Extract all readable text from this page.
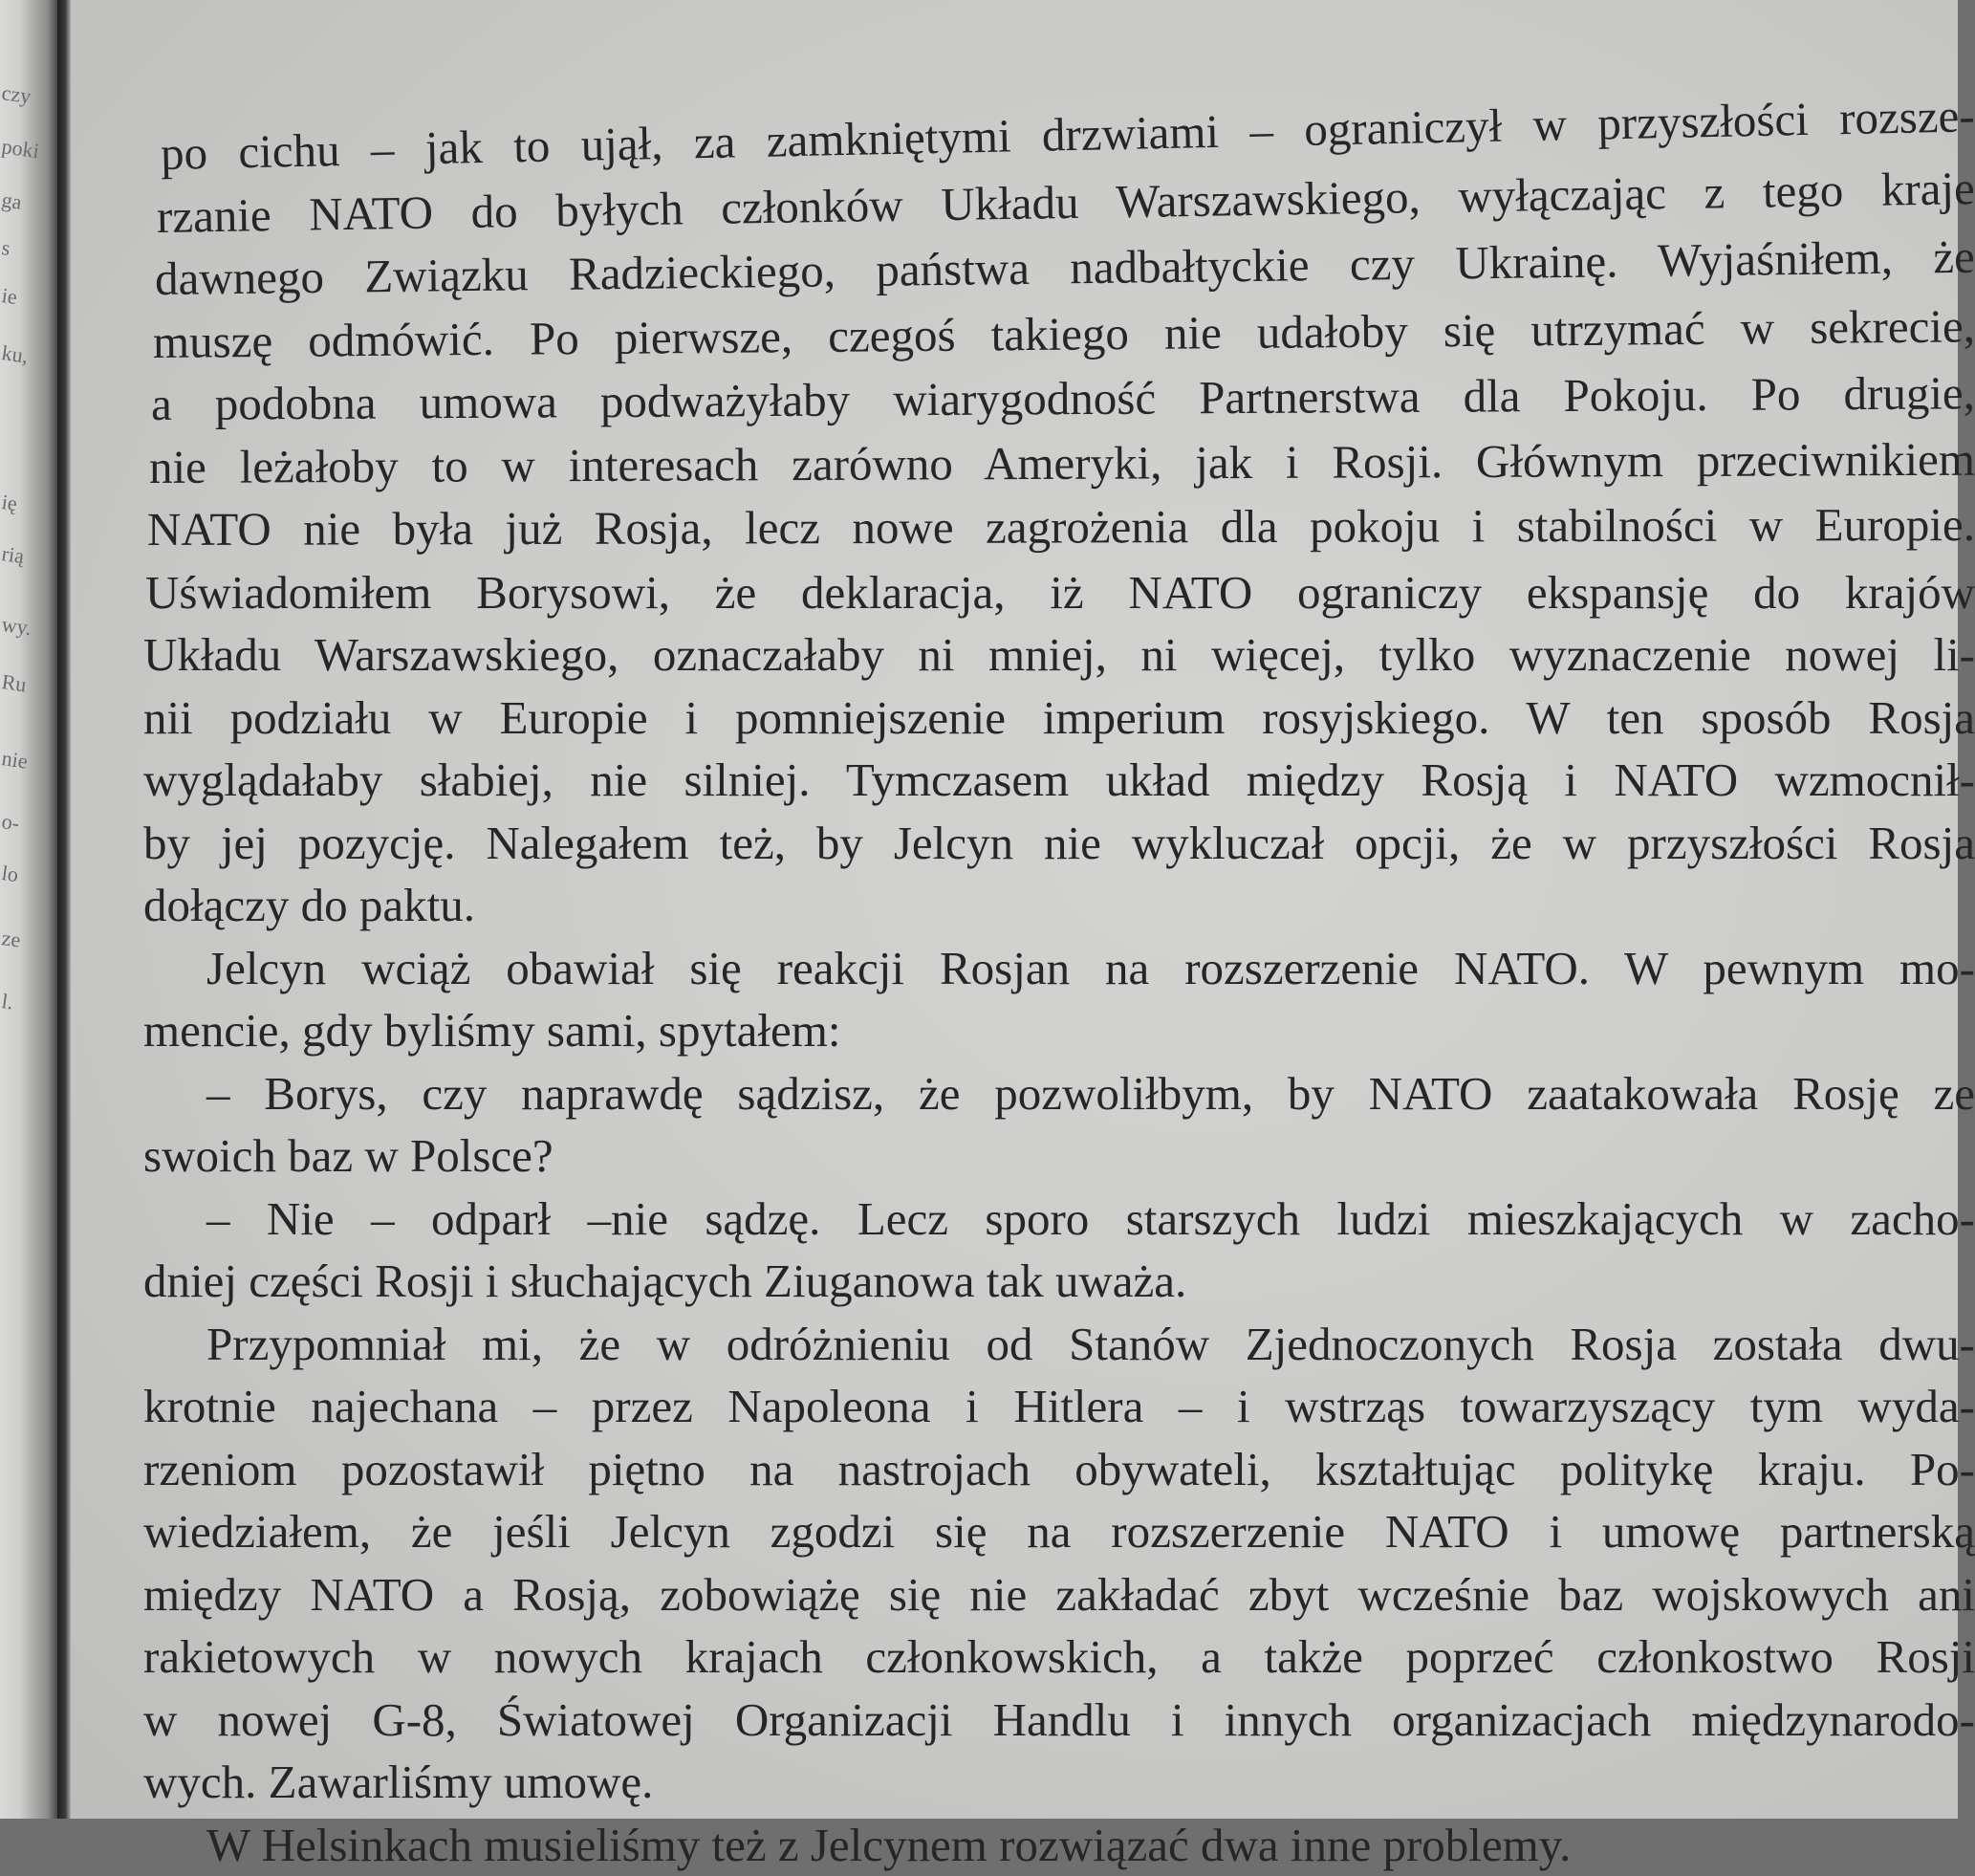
czy
poki
ga
s
ie
ku,
ię
rią
wy.
Ru
nie
o-
lo
ze
l.
po cichu – jak to ujął, za zamkniętymi drzwiami – ograniczył w przyszłości rozsze-
rzanie NATO do byłych członków Układu Warszawskiego, wyłączając z tego kraje
dawnego Związku Radzieckiego, państwa nadbałtyckie czy Ukrainę. Wyjaśniłem, że
muszę odmówić. Po pierwsze, czegoś takiego nie udałoby się utrzymać w sekrecie,
a podobna umowa podważyłaby wiarygodność Partnerstwa dla Pokoju. Po drugie,
nie leżałoby to w interesach zarówno Ameryki, jak i Rosji. Głównym przeciwnikiem
NATO nie była już Rosja, lecz nowe zagrożenia dla pokoju i stabilności w Europie.
Uświadomiłem Borysowi, że deklaracja, iż NATO ograniczy ekspansję do krajów
Układu Warszawskiego, oznaczałaby ni mniej, ni więcej, tylko wyznaczenie nowej li-
nii podziału w Europie i pomniejszenie imperium rosyjskiego. W ten sposób Rosja
wyglądałaby słabiej, nie silniej. Tymczasem układ między Rosją i NATO wzmocnił-
by jej pozycję. Nalegałem też, by Jelcyn nie wykluczał opcji, że w przyszłości Rosja
dołączy do paktu.
Jelcyn wciąż obawiał się reakcji Rosjan na rozszerzenie NATO. W pewnym mo-
mencie, gdy byliśmy sami, spytałem:
– Borys, czy naprawdę sądzisz, że pozwoliłbym, by NATO zaatakowała Rosję ze
swoich baz w Polsce?
– Nie – odparł –nie sądzę. Lecz sporo starszych ludzi mieszkających w zacho-
dniej części Rosji i słuchających Ziuganowa tak uważa.
Przypomniał mi, że w odróżnieniu od Stanów Zjednoczonych Rosja została dwu-
krotnie najechana – przez Napoleona i Hitlera – i wstrząs towarzyszący tym wyda-
rzeniom pozostawił piętno na nastrojach obywateli, kształtując politykę kraju. Po-
wiedziałem, że jeśli Jelcyn zgodzi się na rozszerzenie NATO i umowę partnerską
między NATO a Rosją, zobowiążę się nie zakładać zbyt wcześnie baz wojskowych ani
rakietowych w nowych krajach członkowskich, a także poprzeć członkostwo Rosji
w nowej G-8, Światowej Organizacji Handlu i innych organizacjach międzynarodo-
wych. Zawarliśmy umowę.
W Helsinkach musieliśmy też z Jelcynem rozwiązać dwa inne problemy.
